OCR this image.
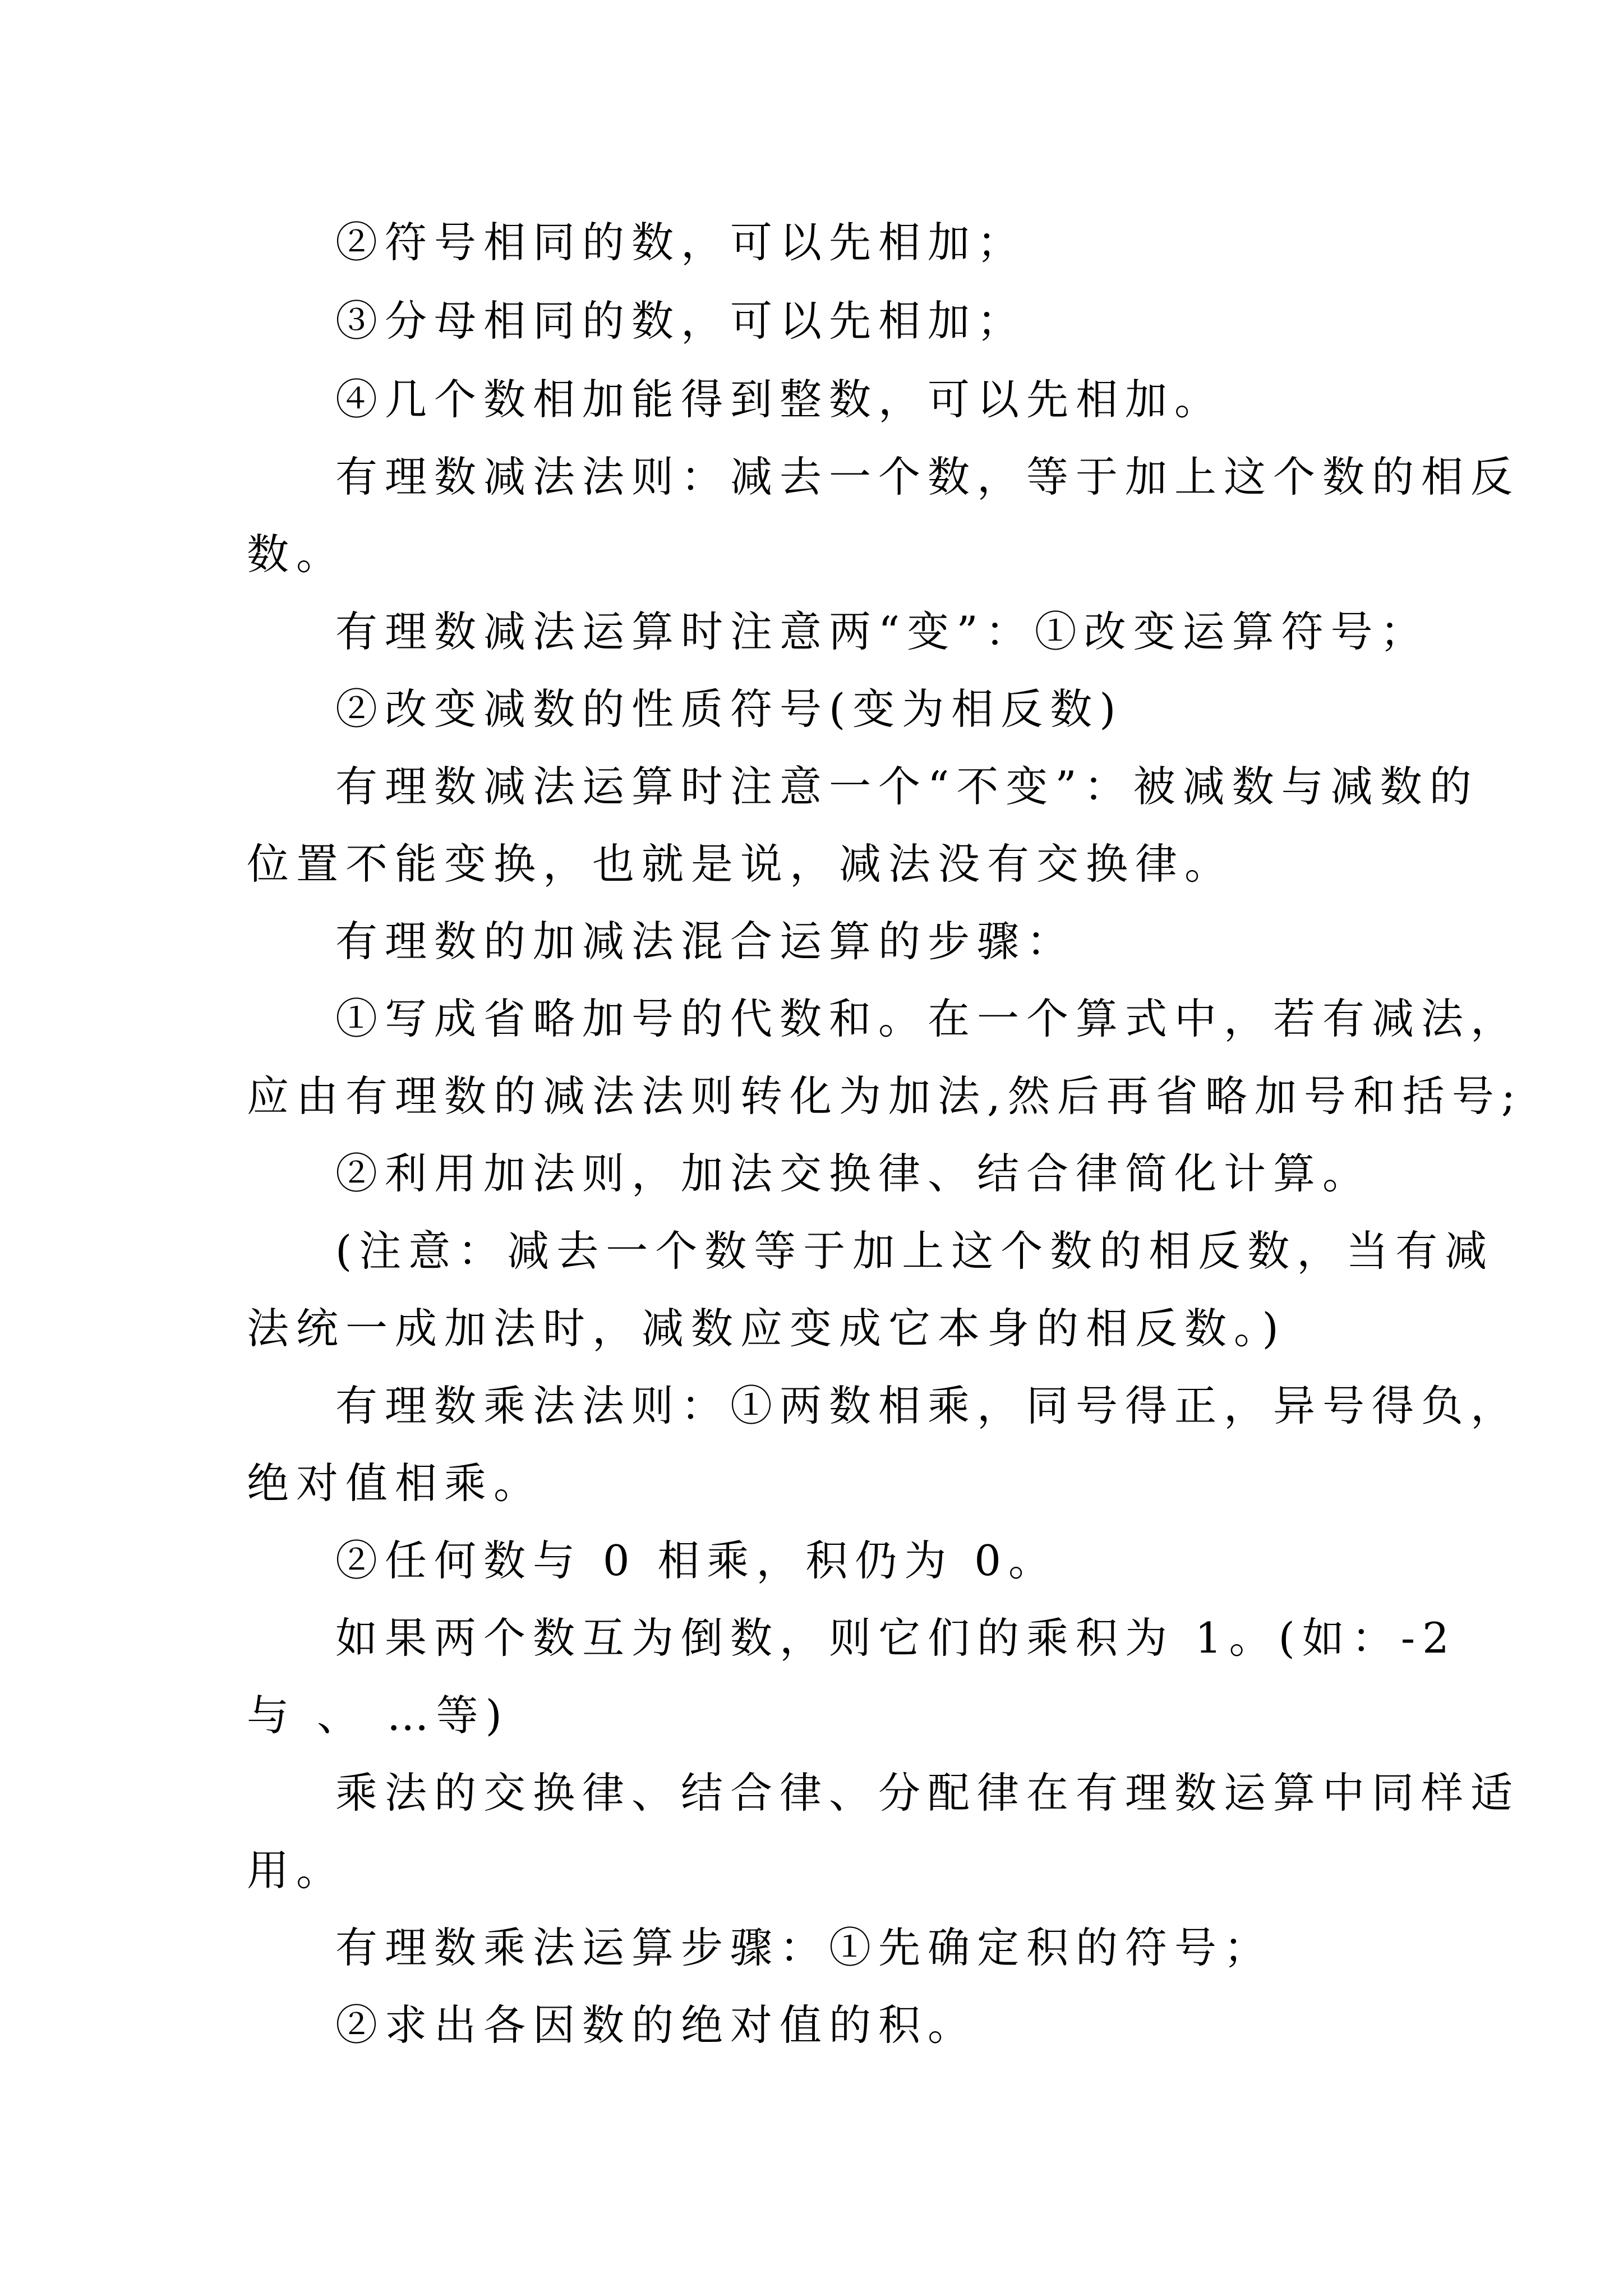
②符号相同的数，可以先相加；
③分母相同的数，可以先相加；
④几个数相加能得到整数，可以先相加。
有理数减法法则：减去一个数，等于加上这个数的相反
数。
有理数减法运算时注意两“变”：①改变运算符号；
②改变减数的性质符号(变为相反数)
有理数减法运算时注意一个“不变”：被减数与减数的
位置不能变换，也就是说，减法没有交换律。
有理数的加减法混合运算的步骤：
①写成省略加号的代数和。在一个算式中，若有减法，
应由有理数的减法法则转化为加法,然后再省略加号和括号;
②利用加法则，加法交换律、结合律简化计算。
(注意：减去一个数等于加上这个数的相反数，当有减
法统一成加法时，减数应变成它本身的相反数。)
有理数乘法法则：①两数相乘，同号得正，异号得负，
绝对值相乘。
②任何数与 0 相乘，积仍为 0。
如果两个数互为倒数，则它们的乘积为 1。(如：-2
与 、 …等)
乘法的交换律、结合律、分配律在有理数运算中同样适
用。
有理数乘法运算步骤：①先确定积的符号；
②求出各因数的绝对值的积。
